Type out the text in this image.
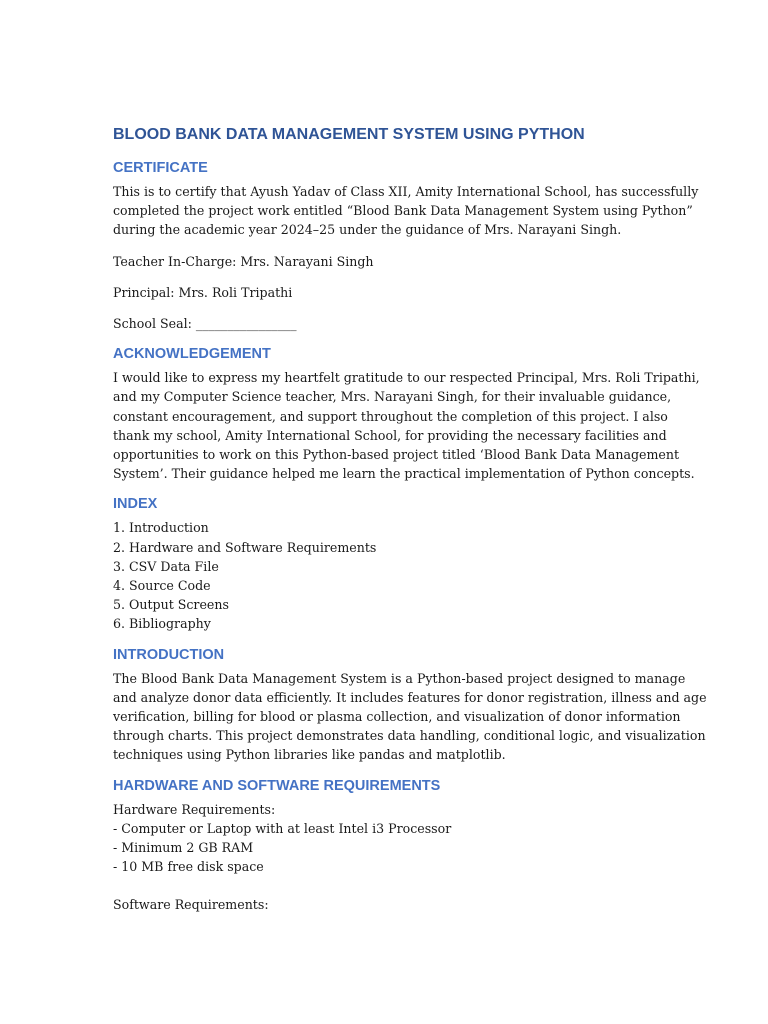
BLOOD BANK DATA MANAGEMENT SYSTEM USING PYTHON
CERTIFICATE
This is to certify that Ayush Yadav of Class XII, Amity International School, has successfully
completed the project work entitled “Blood Bank Data Management System using Python”
during the academic year 2024–25 under the guidance of Mrs. Narayani Singh.
Teacher In-Charge: Mrs. Narayani Singh
Principal: Mrs. Roli Tripathi
School Seal: ________________
ACKNOWLEDGEMENT
I would like to express my heartfelt gratitude to our respected Principal, Mrs. Roli Tripathi,
and my Computer Science teacher, Mrs. Narayani Singh, for their invaluable guidance,
constant encouragement, and support throughout the completion of this project. I also
thank my school, Amity International School, for providing the necessary facilities and
opportunities to work on this Python-based project titled ‘Blood Bank Data Management
System’. Their guidance helped me learn the practical implementation of Python concepts.
INDEX
1. Introduction
2. Hardware and Software Requirements
3. CSV Data File
4. Source Code
5. Output Screens
6. Bibliography
INTRODUCTION
The Blood Bank Data Management System is a Python-based project designed to manage
and analyze donor data efficiently. It includes features for donor registration, illness and age
verification, billing for blood or plasma collection, and visualization of donor information
through charts. This project demonstrates data handling, conditional logic, and visualization
techniques using Python libraries like pandas and matplotlib.
HARDWARE AND SOFTWARE REQUIREMENTS
Hardware Requirements:
- Computer or Laptop with at least Intel i3 Processor
- Minimum 2 GB RAM
- 10 MB free disk space
Software Requirements:
